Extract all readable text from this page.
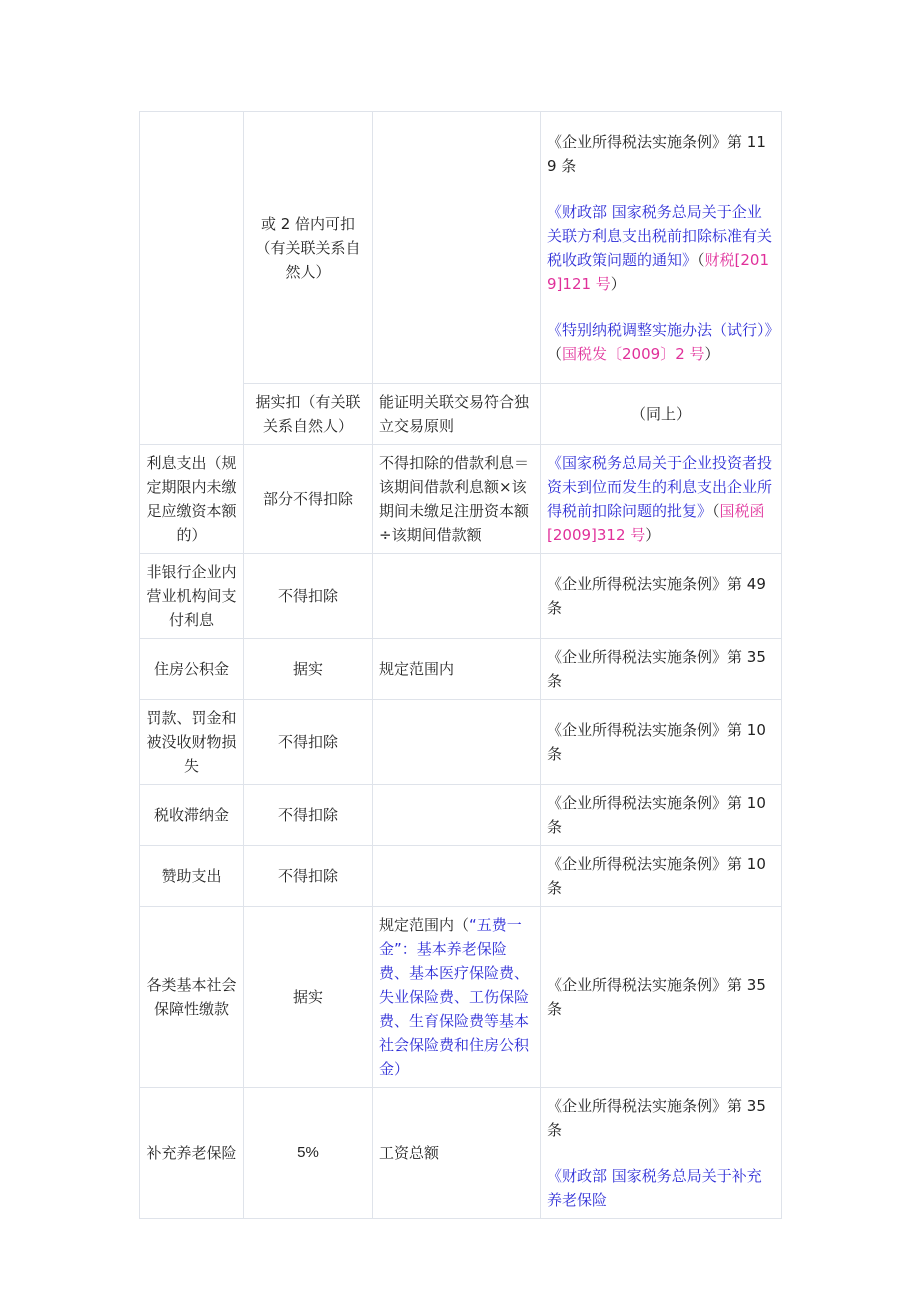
	或 2 倍内可扣（有关联关系自然人）		《企业所得税法实施条例》第 119 条
《财政部 国家税务总局关于企业关联方利息支出税前扣除标准有关税收政策问题的通知》（财税[2019]121 号）
《特别纳税调整实施办法（试行）》（国税发〔2009〕2 号）

	据实扣（有关联关系自然人）	能证明关联交易符合独立交易原则	（同上）
利息支出（规定期限内未缴足应缴资本额的）	部分不得扣除	不得扣除的借款利息＝该期间借款利息额×该期间未缴足注册资本额÷该期间借款额	《国家税务总局关于企业投资者投资未到位而发生的利息支出企业所得税前扣除问题的批复》（国税函[2009]312 号）
非银行企业内营业机构间支付利息	不得扣除		《企业所得税法实施条例》第 49 条
住房公积金	据实	规定范围内	《企业所得税法实施条例》第 35 条
罚款、罚金和被没收财物损失	不得扣除		《企业所得税法实施条例》第 10 条
税收滞纳金	不得扣除		《企业所得税法实施条例》第 10 条
赞助支出	不得扣除		《企业所得税法实施条例》第 10 条
各类基本社会保障性缴款	据实	规定范围内（“五费一金”：基本养老保险费、基本医疗保险费、失业保险费、工伤保险费、生育保险费等基本社会保险费和住房公积金）	《企业所得税法实施条例》第 35 条
补充养老保险	5%	工资总额	《企业所得税法实施条例》第 35 条
《财政部 国家税务总局关于补充养老保险
